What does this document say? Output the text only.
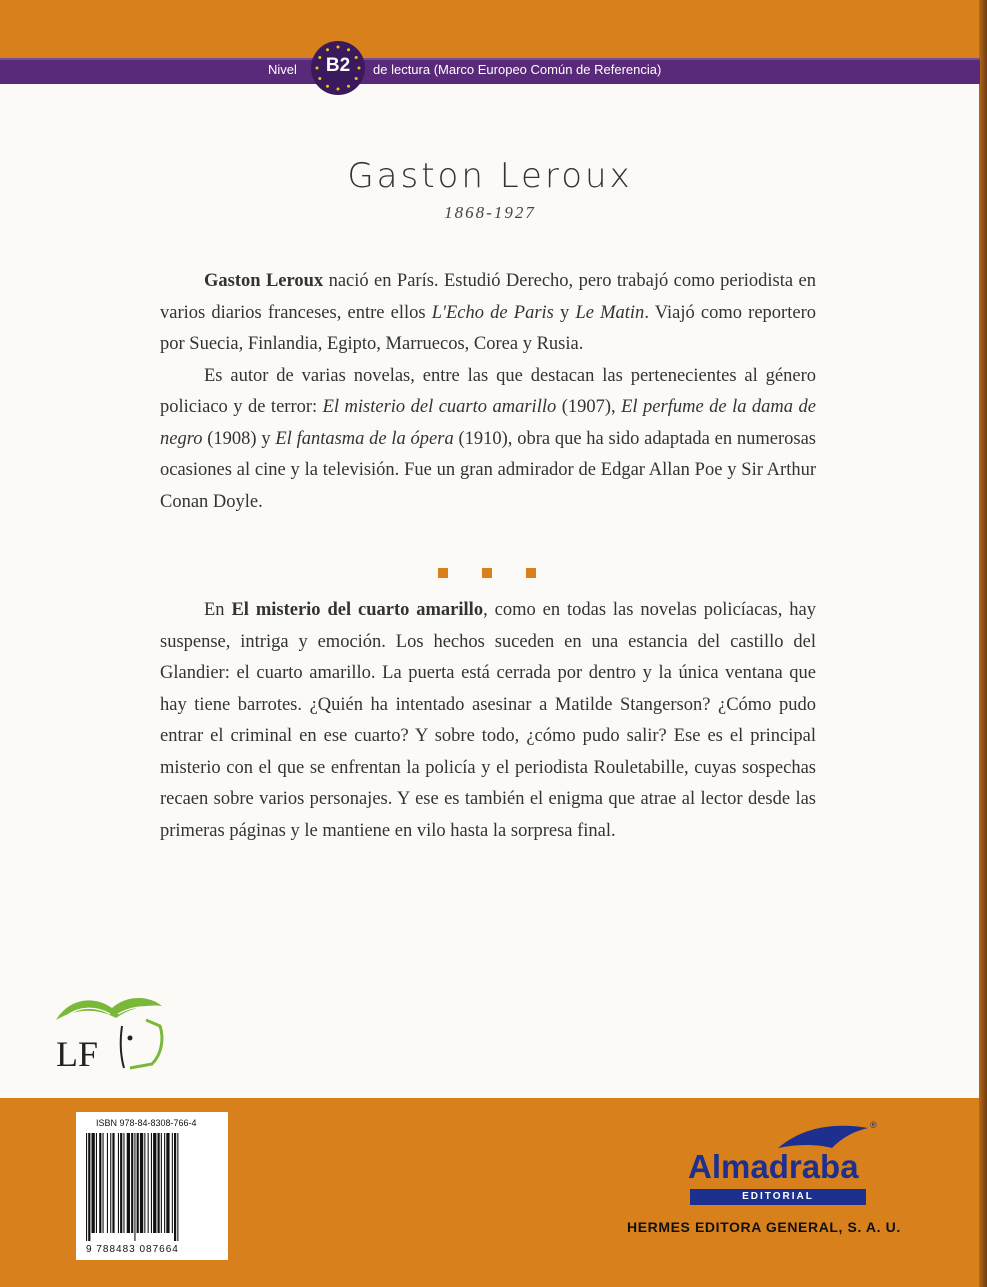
Nivel	B2	de lectura (Marco Europeo Común de Referencia)
Gaston Leroux
1868-1927

Gaston Leroux nació en París. Estudió Derecho, pero trabajó como periodista en varios diarios franceses, entre ellos L'Echo de Paris y Le Matin. Viajó como reportero por Suecia, Finlandia, Egipto, Marruecos, Corea y Rusia.

Es autor de varias novelas, entre las que destacan las pertenecientes al género policiaco y de terror: El misterio del cuarto amarillo (1907), El perfume de la dama de negro (1908) y El fantasma de la ópera (1910), obra que ha sido adaptada en numerosas ocasiones al cine y la televisión. Fue un gran admirador de Edgar Allan Poe y Sir Arthur Conan Doyle.

En El misterio del cuarto amarillo, como en todas las novelas policíacas, hay suspense, intriga y emoción. Los hechos suceden en una estancia del castillo del Glandier: el cuarto amarillo. La puerta está cerrada por dentro y la única ventana que hay tiene barrotes. ¿Quién ha intentado asesinar a Matilde Stangerson? ¿Cómo pudo entrar el criminal en ese cuarto? Y sobre todo, ¿cómo pudo salir? Ese es el principal misterio con el que se enfrentan la policía y el periodista Rouletabille, cuyas sospechas recaen sobre varios personajes. Y ese es también el enigma que atrae al lector desde las primeras páginas y le mantiene en vilo hasta la sorpresa final.

LF
ISBN 978-84-8308-766-4
9 788483 087664
®
Almadraba
EDITORIAL
HERMES EDITORA GENERAL, S. A. U.
